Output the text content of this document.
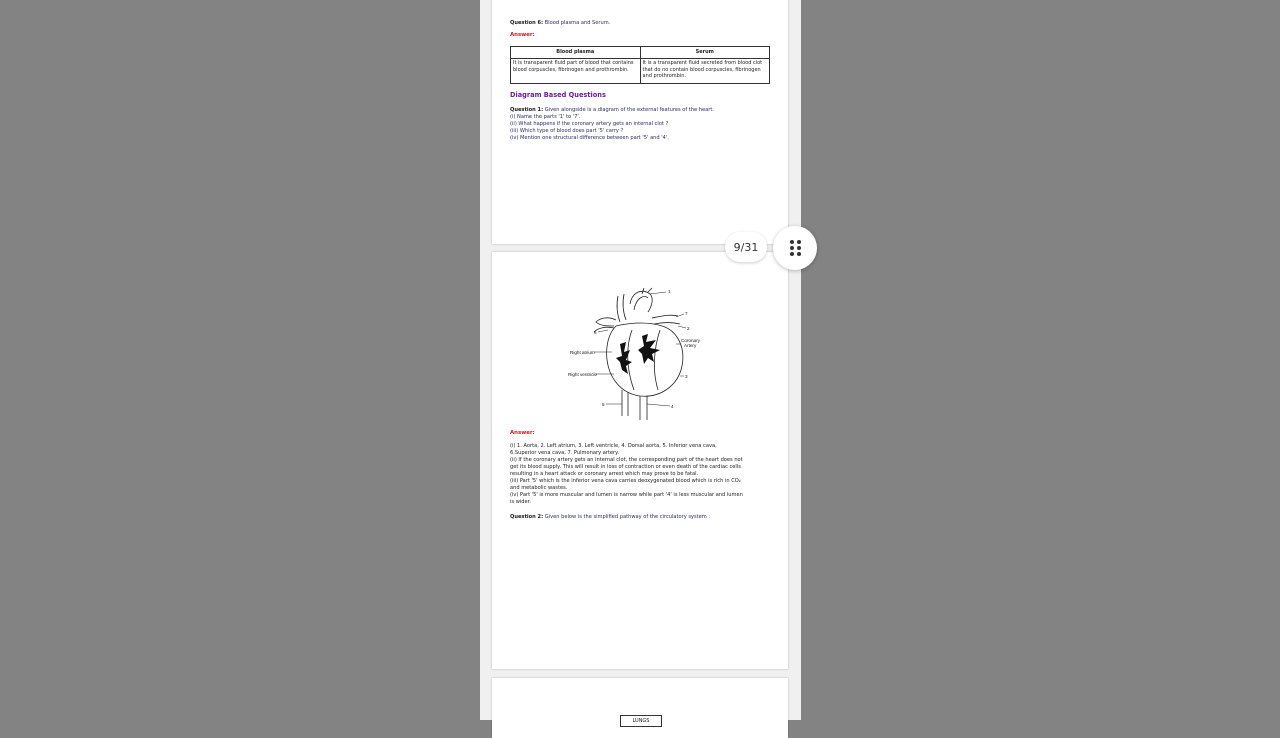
Question 6: Blood plasma and Serum.
Answer:
Blood plasma	Serum
It is transparent fluid part of blood that contains blood corpuscles, fibrinogen and prothrombin.	It is a transparent fluid secreted from blood clot that do no contain blood corpuscles, fibrinogen and prothrombin.
Diagram Based Questions
Question 1: Given alongside is a diagram of the external features of the heart.
(i) Name the parts '1' to '7'.
(ii) What happens if the coronary artery gets an internal clot ?
(iii) Which type of blood does part '5' carry ?
(iv) Mention one structural difference between part '5' and '4'.
1
7
2
Coronary
Artery
3
4
5
6
Right atrium
Right ventricle
Answer:
(i) 1. Aorta, 2. Left atrium, 3. Left ventricle, 4. Dorsal aorta, 5. Inferior vena cava,
6.Superior vena cava, 7. Pulmonary artery.
(ii) If the coronary artery gets an internal clot, the corresponding part of the heart does not
get its blood supply. This will result in loss of contraction or even death of the cardiac cells
resulting in a heart attack or coronary arrest which may prove to be fatal.
(iii) Part '5' which is the inferior vena cava carries deoxygenated blood which is rich in CO₂
and metabolic wastes.
(iv) Part '5' is more muscular and lumen is narrow while part '4' is less muscular and lumen
is wider.
Question 2: Given below is the simplified pathway of the circulatory system :
LUNGS
9/31
